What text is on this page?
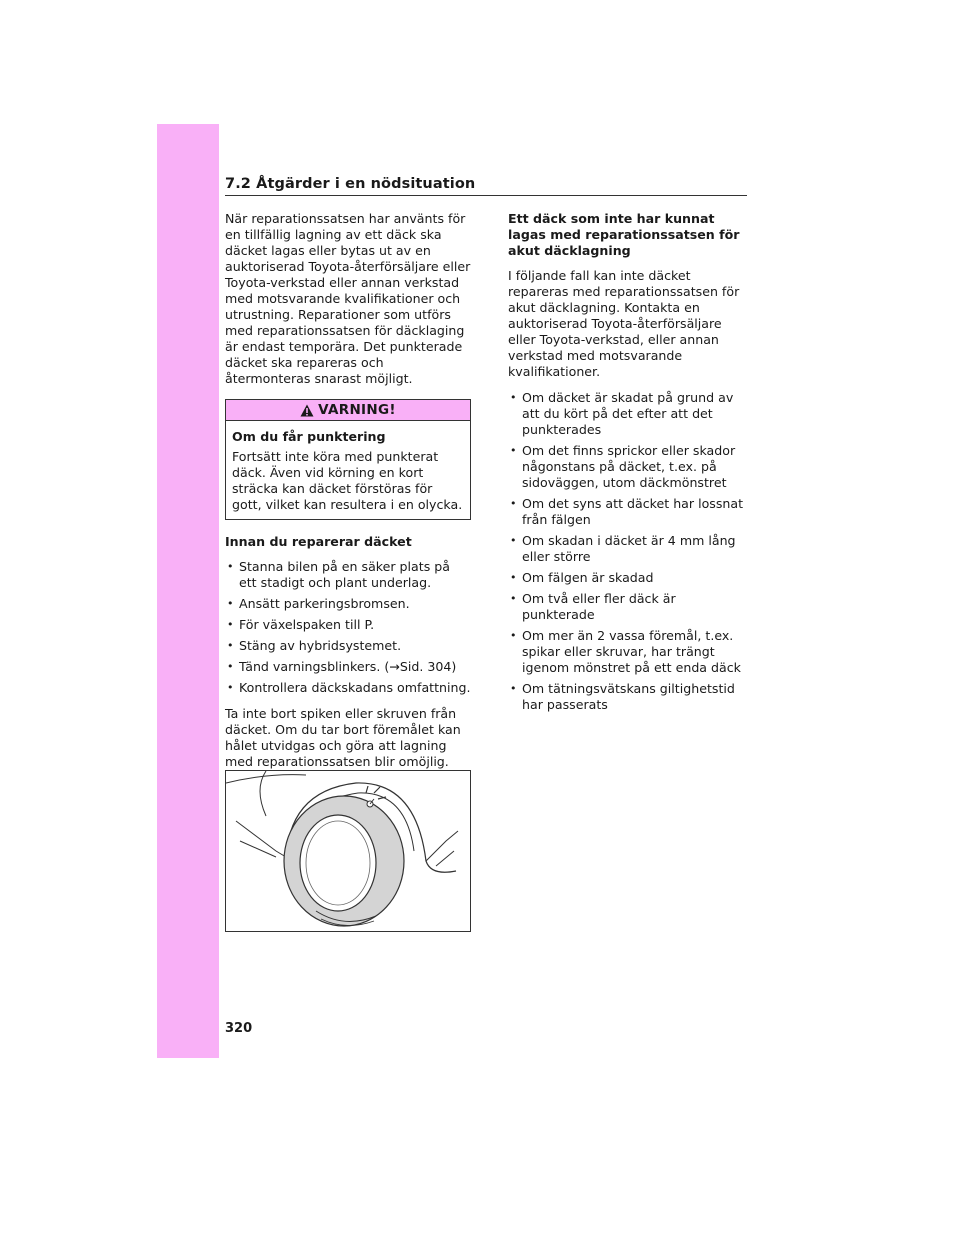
7.2 Åtgärder i en nödsituation

När reparationssatsen har använts för en tillfällig lagning av ett däck ska däcket lagas eller bytas ut av en auktoriserad Toyota-återförsäljare eller Toyota-verkstad eller annan verkstad med motsvarande kvalifikationer och utrustning. Reparationer som utförs med reparationssatsen för däcklaging är endast temporära. Det punkterade däcket ska repareras och återmonteras snarast möjligt.

VARNING!
Om du får punktering
Fortsätt inte köra med punkterat däck. Även vid körning en kort sträcka kan däcket förstöras för gott, vilket kan resultera i en olycka.

Innan du reparerar däcket

• Stanna bilen på en säker plats på ett stadigt och plant underlag.
• Ansätt parkeringsbromsen.
• För växelspaken till P.
• Stäng av hybridsystemet.
• Tänd varningsblinkers. (→Sid. 304)
• Kontrollera däckskadans omfattning.

Ta inte bort spiken eller skruven från däcket. Om du tar bort föremålet kan hålet utvidgas och göra att lagning med reparationssatsen blir omöjlig.

Ett däck som inte har kunnat lagas med reparationssatsen för akut däcklagning

I följande fall kan inte däcket repareras med reparationssatsen för akut däcklagning. Kontakta en auktoriserad Toyota-återförsäljare eller Toyota-verkstad, eller annan verkstad med motsvarande kvalifikationer.

• Om däcket är skadat på grund av att du kört på det efter att det punkterades
• Om det finns sprickor eller skador någonstans på däcket, t.ex. på sidoväggen, utom däckmönstret
• Om det syns att däcket har lossnat från fälgen
• Om skadan i däcket är 4 mm lång eller större
• Om fälgen är skadad
• Om två eller fler däck är punkterade
• Om mer än 2 vassa föremål, t.ex. spikar eller skruvar, har trängt igenom mönstret på ett enda däck
• Om tätningsvätskans giltighetstid har passerats
320
